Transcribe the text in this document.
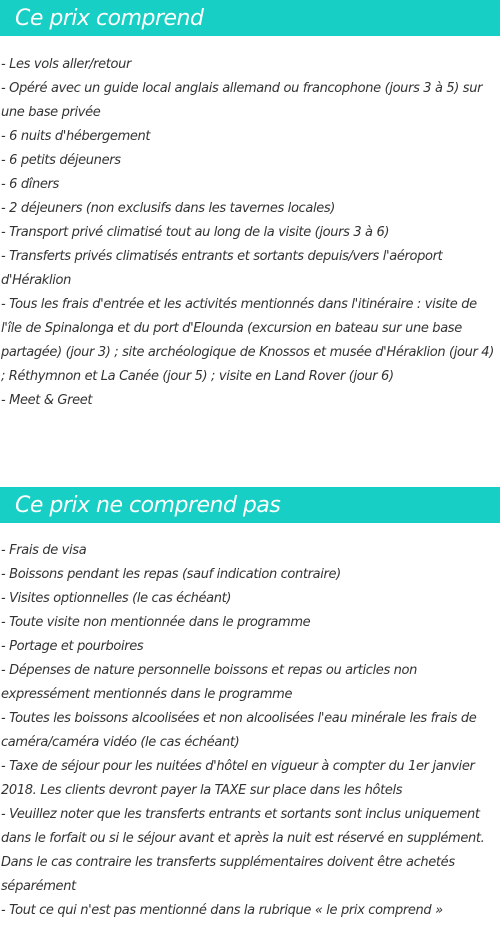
Ce prix comprend
- Les vols aller/retour
- Opéré avec un guide local anglais allemand ou francophone (jours 3 à 5) sur une base privée
- 6 nuits d'hébergement
- 6 petits déjeuners
- 6 dîners
- 2 déjeuners (non exclusifs dans les tavernes locales)
- Transport privé climatisé tout au long de la visite (jours 3 à 6)
- Transferts privés climatisés entrants et sortants depuis/vers l'aéroport d'Héraklion
- Tous les frais d'entrée et les activités mentionnés dans l'itinéraire : visite de l'île de Spinalonga et du port d'Elounda (excursion en bateau sur une base partagée) (jour 3) ; site archéologique de Knossos et musée d'Héraklion (jour 4) ; Réthymnon et La Canée (jour 5) ; visite en Land Rover (jour 6)
- Meet & Greet
Ce prix ne comprend pas
- Frais de visa
- Boissons pendant les repas (sauf indication contraire)
- Visites optionnelles (le cas échéant)
- Toute visite non mentionnée dans le programme
- Portage et pourboires
- Dépenses de nature personnelle boissons et repas ou articles non expressément mentionnés dans le programme
- Toutes les boissons alcoolisées et non alcoolisées l'eau minérale les frais de caméra/caméra vidéo (le cas échéant)
- Taxe de séjour pour les nuitées d'hôtel en vigueur à compter du 1er janvier 2018. Les clients devront payer la TAXE sur place dans les hôtels
- Veuillez noter que les transferts entrants et sortants sont inclus uniquement dans le forfait ou si le séjour avant et après la nuit est réservé en supplément. Dans le cas contraire les transferts supplémentaires doivent être achetés séparément
- Tout ce qui n'est pas mentionné dans la rubrique « le prix comprend »
